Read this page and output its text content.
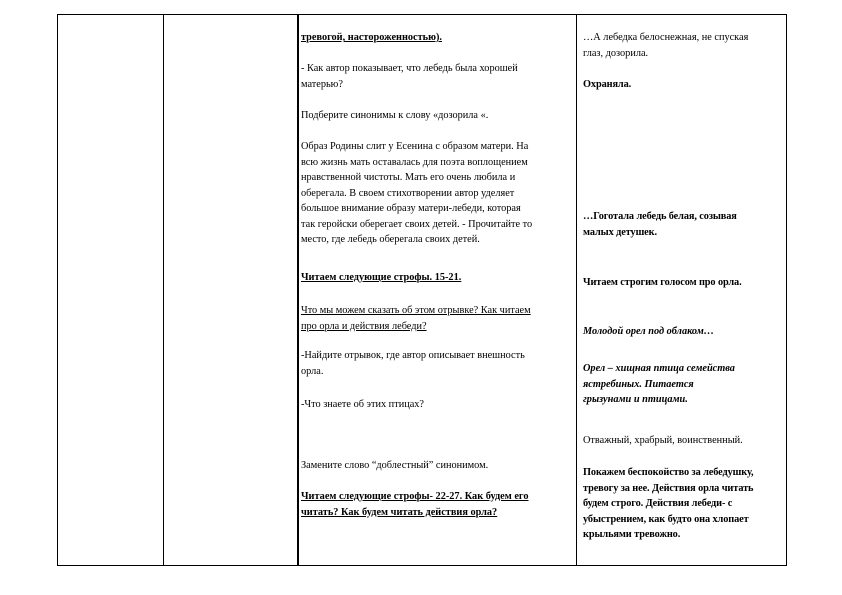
тревогой, настороженностью).

- Как автор показывает, что лебедь была хорошей
матерью?

Подберите синонимы к слову «дозорила «.

Образ Родины слит у Есенина с образом матери. На
всю жизнь мать оставалась для поэта воплощением
нравственной чистоты. Мать его очень любила и
оберегала. В своем стихотворении автор уделяет
большое внимание образу матери-лебеди, которая
так геройски оберегает своих детей. - Прочитайте то
место, где лебедь оберегала своих детей.

Читаем следующие строфы. 15-21.

Что мы можем сказать об этом отрывке? Как читаем
про орла и действия лебеди?

-Найдите отрывок, где автор описывает внешность
орла.

-Что знаете об этих птицах?

Замените слово “доблестный” синонимом.

Читаем следующие строфы- 22-27. Как будем его
читать? Как будем читать действия орла?

…А лебедка белоснежная, не спуская
глаз, дозорила.

Охраняла.

…Гоготала лебедь белая, созывая
малых детушек.

Читаем строгим голосом про орла.

Молодой орел под облаком…

Орел – хищная птица семейства
ястребиных. Питается
грызунами и птицами.

Отважный, храбрый, воинственный.

Покажем беспокойство за лебедушку,
тревогу за нее. Действия орла читать
будем строго. Действия лебеди- с
убыстрением, как будто она хлопает
крыльями тревожно.
